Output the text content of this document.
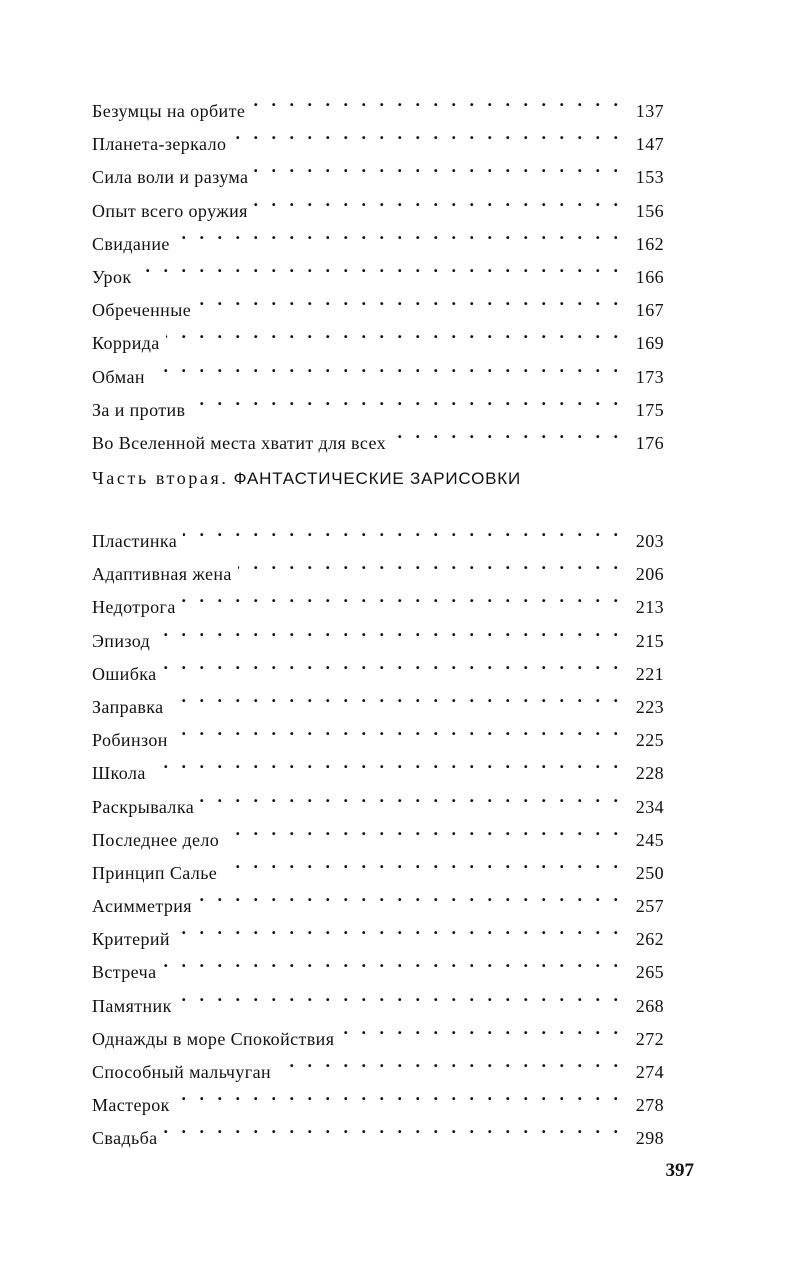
Безумцы на орбите . .	137
Планета-зеркало . .	147
Сила воли и разума . .	153
Опыт всего оружия . .	156
Свидание . .	162
Урок . .	166
Обреченные . .	167
Коррида . .	169
Обман . .	173
За и против . .	175
Во Вселенной места хватит для всех . .	176
Часть вторая. ФАНТАСТИЧЕСКИЕ ЗАРИСОВКИ
Пластинка . .	203
Адаптивная жена . .	206
Недотрога . .	213
Эпизод . .	215
Ошибка . .	221
Заправка . .	223
Робинзон . .	225
Школа . .	228
Раскрывалка . .	234
Последнее дело . .	245
Принцип Салье . .	250
Асимметрия . .	257
Критерий . .	262
Встреча . .	265
Памятник . .	268
Однажды в море Спокойствия . .	272
Способный мальчуган . .	274
Мастерок . .	278
Свадьба . .	298
397
